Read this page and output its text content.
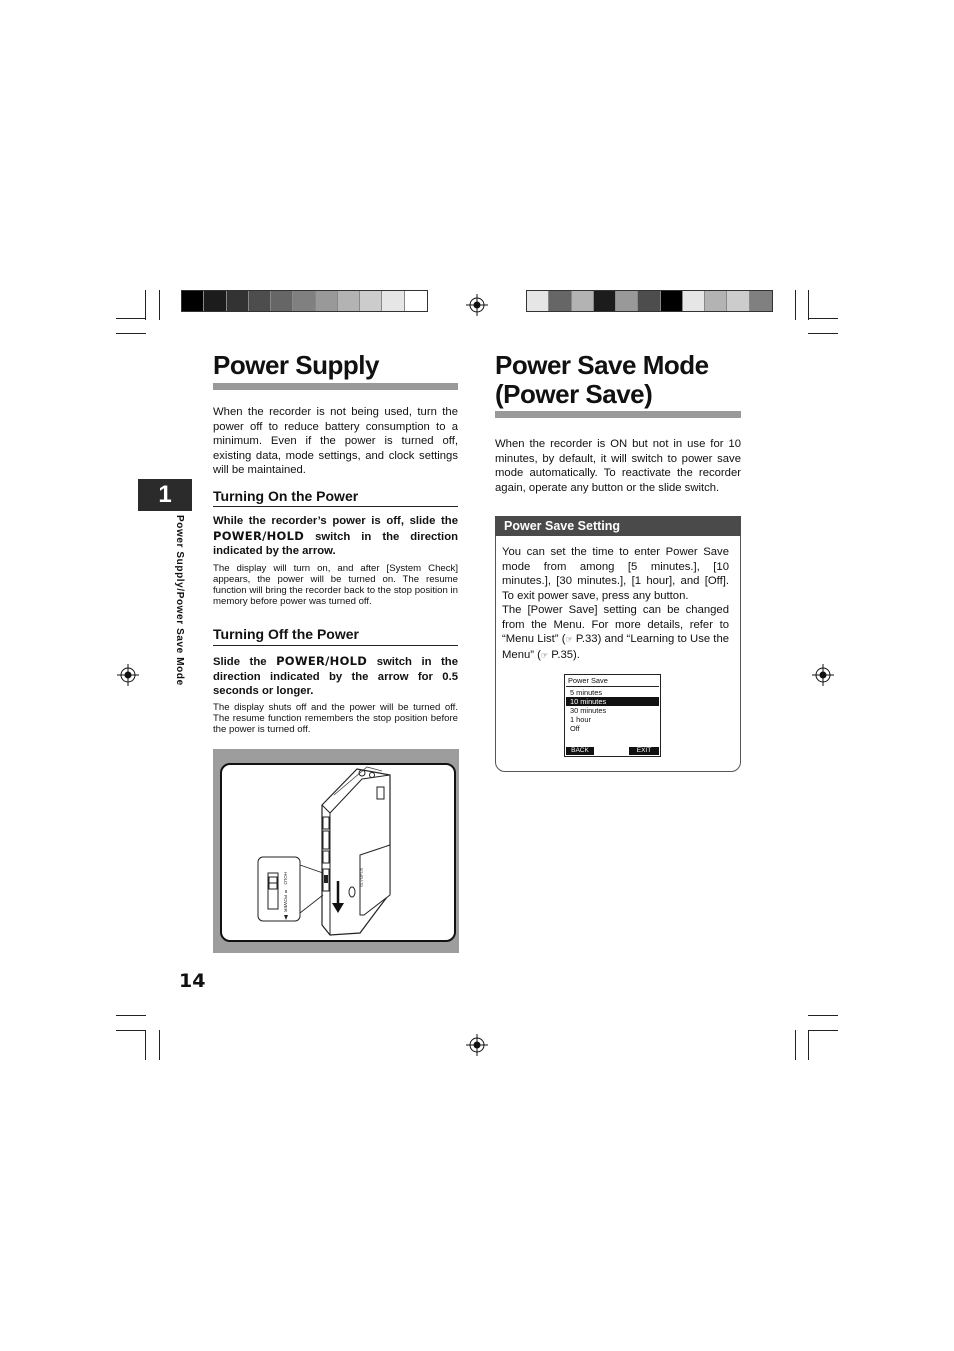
1
Power Supply/Power Save Mode
Power Supply
When the recorder is not being used, turn the power off to reduce battery consumption to a minimum. Even if the power is turned off, existing data, mode settings, and clock settings will be maintained.
Turning On the Power
While the recorder’s power is off, slide the POWER/HOLD switch in the direction indicated by the arrow.
The display will turn on, and after [System Check] appears, the power will be turned on. The resume function will bring the recorder back to the stop position in memory before power was turned off.
Turning Off the Power
Slide the POWER/HOLD switch in the direction indicated by the arrow for 0.5 seconds or longer.
The display shuts off and the power will be turned off. The resume function remembers the stop position before the power is turned off.
OLYMPUS
HOLD
POWER
14
Power Save Mode
(Power Save)
When the recorder is ON but not in use for 10 minutes, by default, it will switch to power save mode automatically. To reactivate the recorder again, operate any button or the slide switch.
Power Save Setting
You can set the time to enter Power Save mode from among [5 minutes.], [10 minutes.], [30 minutes.], [1 hour], and [Off]. To exit power save, press any button.
The [Power Save] setting can be changed from the Menu. For more details, refer to “Menu List” (☞ P.33) and “Learning to Use the Menu” (☞ P.35).
Power Save
5 minutes
10 minutes
30 minutes
1 hour
Off
BACK	EXIT
